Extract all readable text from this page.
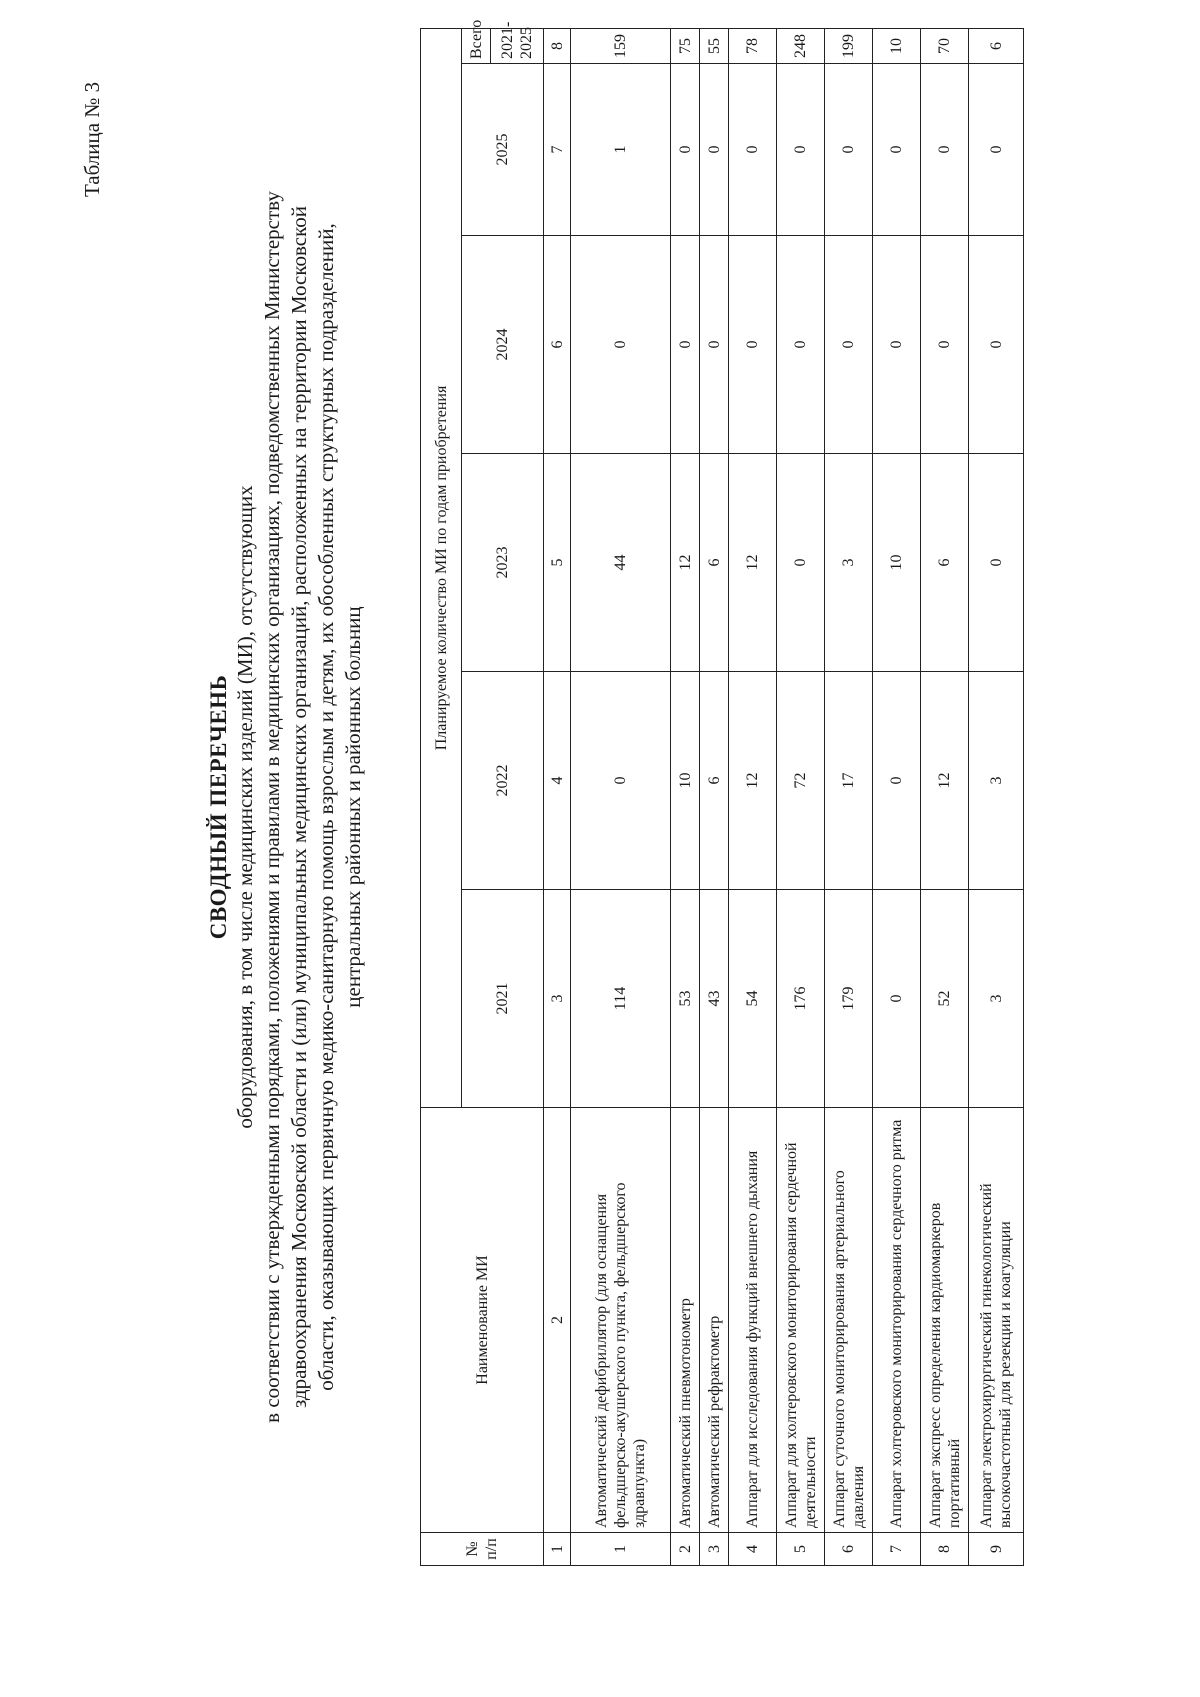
Таблица № 3
СВОДНЫЙ ПЕРЕЧЕНЬ оборудования, в том числе медицинских изделий (МИ), отсутствующих в соответствии с утвержденными порядками, положениями и правилами в медицинских организациях, подведомственных Министерству здравоохранения Московской области и (или) муниципальных медицинских организаций, расположенных на территории Московской области, оказывающих первичную медико-санитарную помощь взрослым и детям, их обособленных структурных подразделений, центральных районных и районных больниц
№ п/п	Наименование МИ	Планируемое количество МИ по годам приобретения					
		2021	2022	2023	2024	2025	Всего
							2021-2025
1	2	3	4	5	6	7	8
1	Автоматический дефибриллятор (для оснащения фельдшерско-акушерского пункта, фельдшерского здравпункта)	114	0	44	0	1	159
2	Автоматический пневмотонометр	53	10	12	0	0	75
3	Автоматический рефрактометр	43	6	6	0	0	55
4	Аппарат для исследования функций внешнего дыхания	54	12	12	0	0	78
5	Аппарат для холтеровского мониторирования сердечной деятельности	176	72	0	0	0	248
6	Аппарат суточного мониторирования артериального давления	179	17	3	0	0	199
7	Аппарат холтеровского мониторирования сердечного ритма	0	0	10	0	0	10
8	Аппарат экспресс определения кардиомаркеров портативный	52	12	6	0	0	70
9	Аппарат электрохирургический гинекологический высокочастотный для резекции и коагуляции	3	3	0	0	0	6
